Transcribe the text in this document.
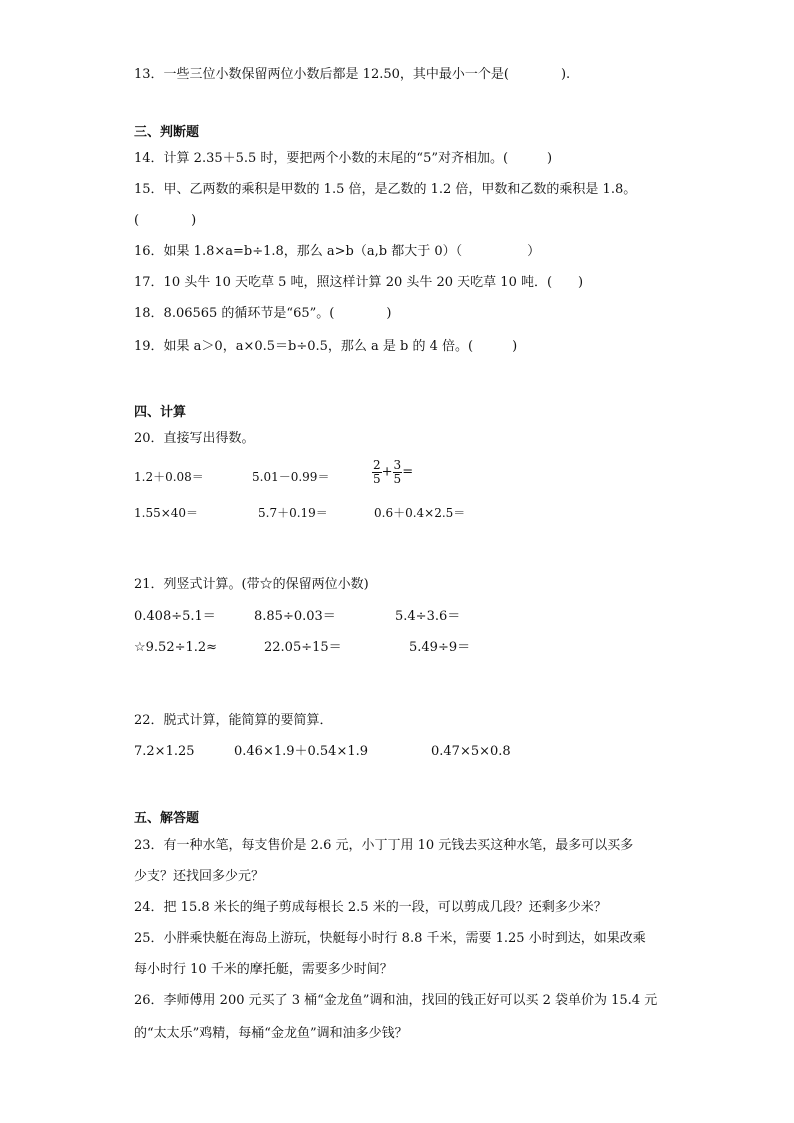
13．一些三位小数保留两位小数后都是 12.50，其中最小一个是(　　　　).
三、判断题
14．计算 2.35＋5.5 时，要把两个小数的末尾的“5”对齐相加。(　　　)
15．甲、乙两数的乘积是甲数的 1.5 倍，是乙数的 1.2 倍，甲数和乙数的乘积是 1.8。
(　　　　)
16．如果 1.8×a=b÷1.8，那么 a>b（a,b 都大于 0）（　　　　　）
17．10 头牛 10 天吃草 5 吨，照这样计算 20 头牛 20 天吃草 10 吨．(　　)
18．8.06565 的循环节是“65”。(　　　　)
19．如果 a＞0，a×0.5＝b÷0.5，那么 a 是 b 的 4 倍。(　　　)
四、计算
20．直接写出得数。
1.2＋0.08＝	5.01－0.99＝	$\frac{2}{5} + \frac{3}{5}$ =
1.55×40＝	5.7＋0.19＝	0.6＋0.4×2.5＝
21．列竖式计算。(带☆的保留两位小数)
0.408÷5.1＝	8.85÷0.03＝	5.4÷3.6＝
☆9.52÷1.2≈	22.05÷15＝	5.49÷9＝
22．脱式计算，能简算的要简算．
7.2×1.25	0.46×1.9＋0.54×1.9	0.47×5×0.8
五、解答题
23．有一种水笔，每支售价是 2.6 元，小丁丁用 10 元钱去买这种水笔，最多可以买多
少支？还找回多少元？
24．把 15.8 米长的绳子剪成每根长 2.5 米的一段，可以剪成几段？还剩多少米？
25．小胖乘快艇在海岛上游玩，快艇每小时行 8.8 千米，需要 1.25 小时到达，如果改乘
每小时行 10 千米的摩托艇，需要多少时间？
26．李师傅用 200 元买了 3 桶“金龙鱼”调和油，找回的钱正好可以买 2 袋单价为 15.4 元
的“太太乐”鸡精，每桶“金龙鱼”调和油多少钱？
